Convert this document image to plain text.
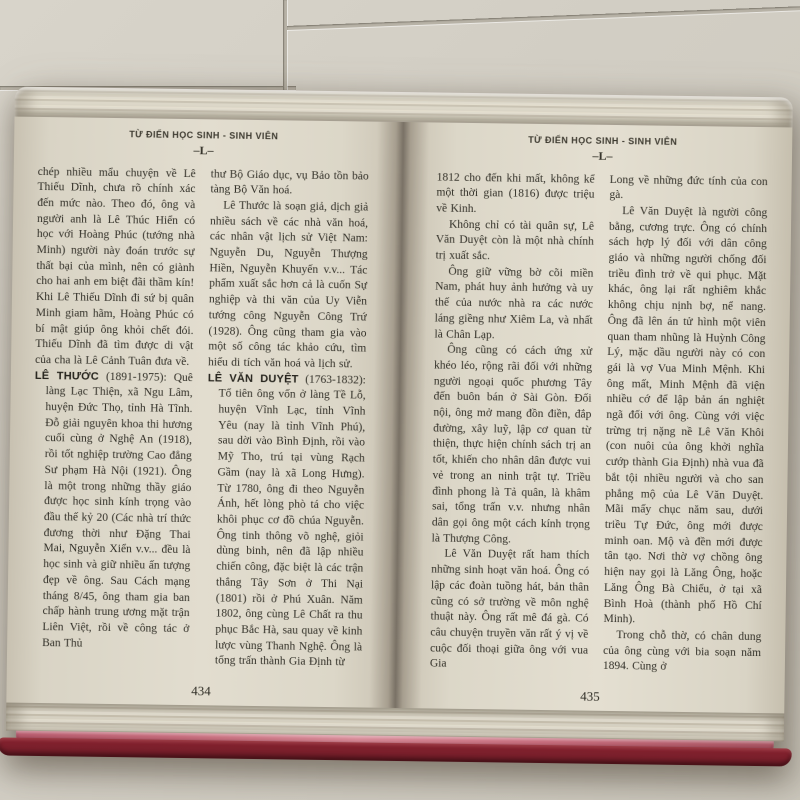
TỪ ĐIỂN HỌC SINH - SINH VIÊN
–L–

chép nhiều mẩu chuyện về Lê Thiếu Dĩnh, chưa rõ chính xác đến mức nào. Theo đó, ông và người anh là Lê Thúc Hiển có học với Hoàng Phúc (tướng nhà Minh) người này đoán trước sự thất bại của mình, nên có giành cho hai anh em biệt đãi thầm kín! Khi Lê Thiếu Dĩnh đi sứ bị quân Minh giam hãm, Hoàng Phúc có bí mật giúp ông khỏi chết đói. Thiếu Dĩnh đã tìm được di vật của cha là Lê Cảnh Tuân đưa về.

LÊ THƯỚC (1891-1975): Quê làng Lạc Thiện, xã Ngu Lâm, huyện Đức Thọ, tỉnh Hà Tĩnh. Đỗ giải nguyên khoa thi hương cuối cùng ở Nghệ An (1918), rồi tốt nghiệp trường Cao đẳng Sư phạm Hà Nội (1921). Ông là một trong những thầy giáo được học sinh kính trọng vào đầu thế kỷ 20 (Các nhà trí thức đương thời như Đặng Thai Mai, Nguyễn Xiển v.v... đều là học sinh và giữ nhiều ấn tượng đẹp về ông. Sau Cách mạng tháng 8/45, ông tham gia ban chấp hành trung ương mặt trận Liên Việt, rồi về công tác ở Ban Thủ

thư Bộ Giáo dục, vụ Bảo tồn bảo tàng Bộ Văn hoá.

Lê Thước là soạn giả, dịch giả nhiều sách về các nhà văn hoá, các nhân vật lịch sử Việt Nam: Nguyễn Du, Nguyễn Thượng Hiền, Nguyễn Khuyến v.v... Tác phẩm xuất sắc hơn cả là cuốn Sự nghiệp và thi văn của Uy Viễn tướng công Nguyễn Công Trứ (1928). Ông cũng tham gia vào một số công tác khảo cứu, tìm hiểu di tích văn hoá và lịch sử.

LÊ VĂN DUYỆT (1763-1832): Tổ tiên ông vốn ở làng Tề Lỗ, huyện Vĩnh Lạc, tỉnh Vĩnh Yêu (nay là tỉnh Vĩnh Phú), sau dời vào Bình Định, rồi vào Mỹ Tho, trú tại vùng Rạch Gầm (nay là xã Long Hưng). Từ 1780, ông đi theo Nguyễn Ánh, hết lòng phò tá cho việc khôi phục cơ đồ chúa Nguyễn. Ông tinh thông võ nghệ, giỏi dùng binh, nên đã lập nhiều chiến công, đặc biệt là các trận thắng Tây Sơn ở Thi Nại (1801) rồi ở Phú Xuân. Năm 1802, ông cùng Lê Chất ra thu phục Bắc Hà, sau quay về kinh lược vùng Thanh Nghệ. Ông là tổng trấn thành Gia Định từ

434
TỪ ĐIỂN HỌC SINH - SINH VIÊN
–L–

1812 cho đến khi mất, không kể một thời gian (1816) được triệu về Kinh.

Không chỉ có tài quân sự, Lê Văn Duyệt còn là một nhà chính trị xuất sắc.

Ông giữ vững bờ cõi miền Nam, phát huy ảnh hưởng và uy thế của nước nhà ra các nước láng giềng như Xiêm La, và nhất là Chân Lạp.

Ông cũng có cách ứng xử khéo léo, rộng rãi đối với những người ngoại quốc phương Tây đến buôn bán ở Sài Gòn. Đối nội, ông mở mang đồn điền, đắp đường, xây luỹ, lập cơ quan từ thiện, thực hiện chính sách trị an tốt, khiến cho nhân dân được vui vẻ trong an ninh trật tự. Triều đình phong là Tả quân, là khâm sai, tổng trấn v.v. nhưng nhân dân gọi ông một cách kính trọng là Thượng Công.

Lê Văn Duyệt rất ham thích những sinh hoạt văn hoá. Ông có lập các đoàn tuồng hát, bản thân cũng có sở trường về môn nghệ thuật này. Ông rất mê đá gà. Có câu chuyện truyền văn rất ý vị về cuộc đối thoại giữa ông với vua Gia

Long về những đức tính của con gà.

Lê Văn Duyệt là người công bằng, cương trực. Ông có chính sách hợp lý đối với dân công giáo và những người chống đối triều đình trở về qui phục. Mặt khác, ông lại rất nghiêm khắc không chịu nịnh bợ, nể nang. Ông đã lên án tử hình một viên quan tham nhũng là Huỳnh Công Lý, mặc dầu người này có con gái là vợ Vua Minh Mệnh. Khi ông mất, Minh Mệnh đã viện nhiều cớ để lập bản án nghiệt ngã đối với ông. Cùng với việc trừng trị nặng nề Lê Văn Khôi (con nuôi của ông khởi nghĩa cướp thành Gia Định) nhà vua đã bắt tội nhiều người và cho san phẳng mộ của Lê Văn Duyệt. Mãi mấy chục năm sau, dưới triều Tự Đức, ông mới được minh oan. Mộ và đền mới được tân tạo. Nơi thờ vợ chồng ông hiện nay gọi là Lăng Ông, hoặc Lăng Ông Bà Chiểu, ở tại xã Bình Hoà (thành phố Hồ Chí Minh).

Trong chỗ thờ, có chân dung của ông cùng với bia soạn năm 1894. Cùng ở

435
